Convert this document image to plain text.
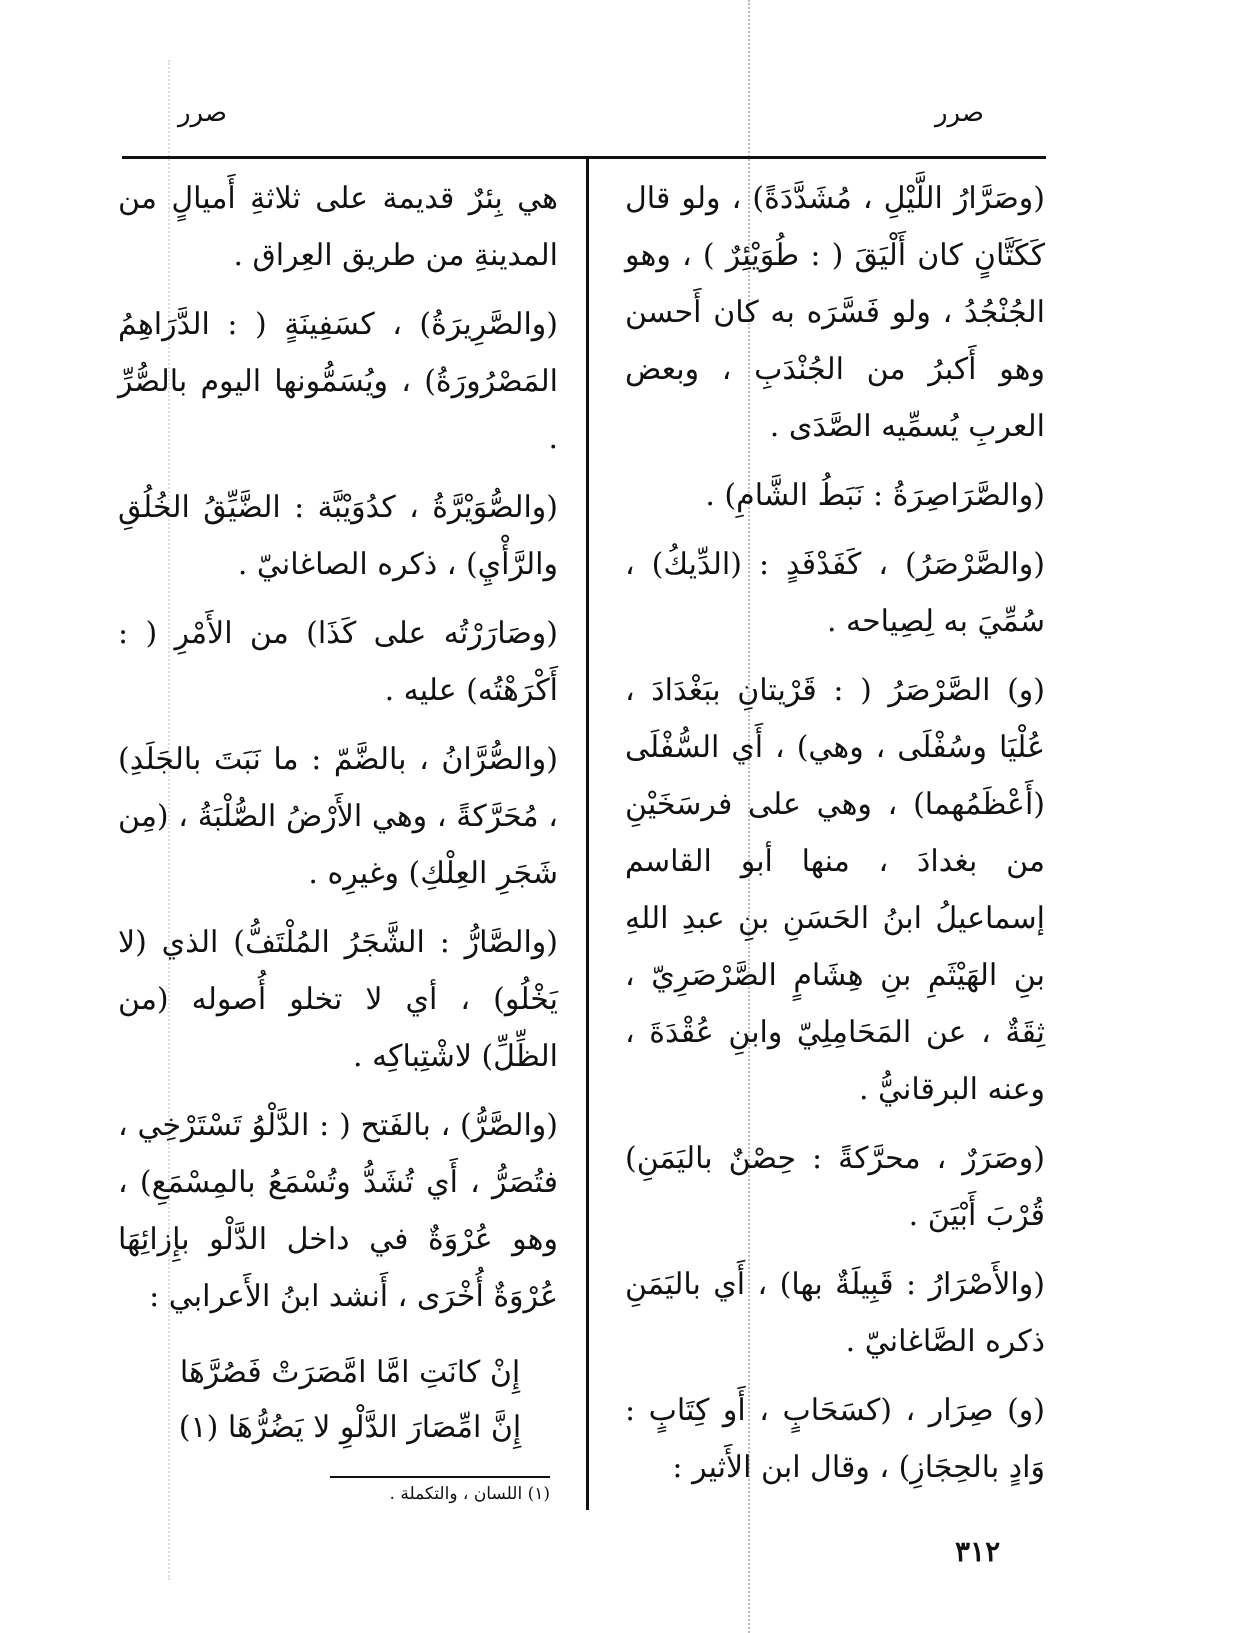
صرر
صرر

(وصَرَّارُ اللَّيْلِ ، مُشَدَّدَةً) ، ولو قال كَكَتَّانٍ كان أَلْيَقَ ( : طُوَيْئِرٌ ) ، وهو الجُنْجُدُ ، ولو فَسَّرَه به كان أَحسن وهو أَكبرُ من الجُنْدَبِ ، وبعض العربِ يُسمِّيه الصَّدَى .

(والصَّرَاصِرَةُ : نَبَطُ الشَّامِ) .

(والصَّرْصَرُ) ، كَفَدْفَدٍ : (الدِّيكُ) ، سُمِّيَ به لِصِياحه .

(و) الصَّرْصَرُ ( : قَرْيتانِ ببَغْدَادَ ، عُلْيَا وسُفْلَى ، وهي) ، أَي السُّفْلَى (أَعْظَمُهما) ، وهي على فرسَخَيْنِ من بغدادَ ، منها أبو القاسم إسماعيلُ ابنُ الحَسَنِ بنِ عبدِ اللهِ بنِ الهَيْثَمِ بنِ هِشَامٍ الصَّرْصَرِيّ ، ثِقَةٌ ، عن المَحَامِلِيّ وابنِ عُقْدَةَ ، وعنه البرقانيُّ .

(وصَرَرٌ ، محرَّكةً : حِصْنٌ باليَمَنِ) قُرْبَ أَبْيَنَ .

(والأَصْرَارُ : قَبِيلَةٌ بها) ، أَي باليَمَنِ ذكره الصَّاغانيّ .

(و) صِرَار ، (كسَحَابٍ ، أَو كِتَابٍ : وَادٍ بالحِجَازِ) ، وقال ابن الأَثير :

هي بِئرٌ قديمة على ثلاثةِ أَميالٍ من المدينةِ من طريق العِراق .

(والصَّرِيرَةُ) ، كسَفِينَةٍ ( : الدَّرَاهِمُ المَصْرُورَةُ) ، ويُسَمُّونها اليوم بالصُّرِّ .

(والصُّوَيْرَّةُ ، كدُوَيْبَّة : الضَّيِّقُ الخُلُقِ والرَّأْيِ) ، ذكره الصاغانيّ .

(وصَارَرْتُه على كَذَا) من الأَمْرِ ( : أَكْرَهْتُه) عليه .

(والصُّرَّانُ ، بالضَّمّ : ما نَبَتَ بالجَلَدِ) ، مُحَرَّكةً ، وهي الأَرْضُ الصُّلْبَةُ ، (مِن شَجَرِ العِلْكِ) وغيرِه .

(والصَّارُّ : الشَّجَرُ المُلْتَفُّ) الذي (لا يَخْلُو) ، أي لا تخلو أُصوله (من الظِّلِّ) لاشْتِباكِه .

(والصَّرُّ) ، بالفَتح ( : الدَّلْوُ تَسْتَرْخِي ، فتُصَرُّ ، أَي تُشَدُّ وتُسْمَعُ بالمِسْمَعِ) ، وهو عُرْوَةٌ في داخل الدَّلْو بإِزائِهَا عُرْوَةٌ أُخْرَى ، أَنشد ابنُ الأَعرابي :

إِنْ كانَتِ امَّا امَّصَرَتْ فَصُرَّهَا
إِنَّ امِّصَارَ الدَّلْوِ لا يَضُرُّهَا (١)
(١) اللسان ، والتكملة .
٣١٢
